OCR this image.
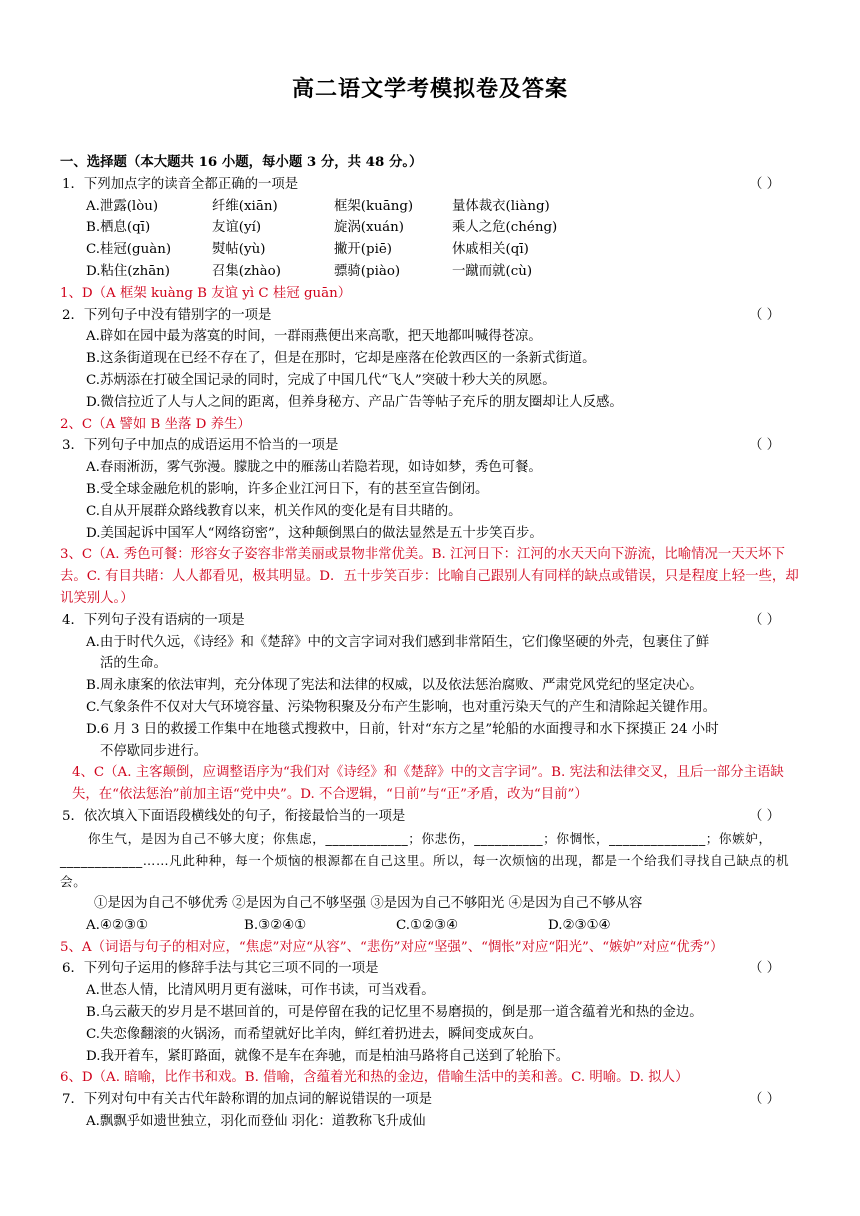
高二语文学考模拟卷及答案
一、选择题（本大题共 16 小题，每小题 3 分，共 48 分。）
1．下列加点字的读音全都正确的一项是	（ ）
A.泄露(lòu)	纤维(xiān)	框架(kuāng)	量体裁衣(liàng)
B.栖息(qī)	友谊(yí)	旋涡(xuán)	乘人之危(chéng)
C.桂冠(guàn)	熨帖(yù)	撇开(piē)	休戚相关(qī)
D.粘住(zhān)	召集(zhào)	骠骑(piào)	一蹴而就(cù)
1、D（A 框架 kuàng B 友谊 yì C 桂冠 guān）
2．下列句子中没有错别字的一项是	（ ）
A.辟如在园中最为落寞的时间，一群雨燕便出来高歌，把天地都叫喊得苍凉。
B.这条街道现在已经不存在了，但是在那时，它却是座落在伦敦西区的一条新式街道。
C.苏炳添在打破全国记录的同时，完成了中国几代“飞人”突破十秒大关的夙愿。
D.微信拉近了人与人之间的距离，但养身秘方、产品广告等帖子充斥的朋友圈却让人反感。
2、C（A 譬如 B 坐落 D 养生）
3．下列句子中加点的成语运用不恰当的一项是	（ ）
A.春雨淅沥，雾气弥漫。朦胧之中的雁荡山若隐若现，如诗如梦，秀色可餐。
B.受全球金融危机的影响，许多企业江河日下，有的甚至宣告倒闭。
C.自从开展群众路线教育以来，机关作风的变化是有目共睹的。
D.美国起诉中国军人“网络窃密”，这种颠倒黑白的做法显然是五十步笑百步。
3、C（A. 秀色可餐：形容女子姿容非常美丽或景物非常优美。B. 江河日下：江河的水天天向下游流，比喻情况一天天坏下去。C. 有目共睹：人人都看见，极其明显。D．五十步笑百步：比喻自己跟别人有同样的缺点或错误，只是程度上轻一些，却讥笑别人。）
4．下列句子没有语病的一项是	（ ）
A.由于时代久远，《诗经》和《楚辞》中的文言字词对我们感到非常陌生，它们像坚硬的外壳，包裹住了鲜
活的生命。
B.周永康案的依法审判，充分体现了宪法和法律的权威，以及依法惩治腐败、严肃党风党纪的坚定决心。
C.气象条件不仅对大气环境容量、污染物积聚及分布产生影响，也对重污染天气的产生和清除起关键作用。
D.6 月 3 日的救援工作集中在地毯式搜救中，日前，针对“东方之星”轮船的水面搜寻和水下探摸正 24 小时
不停歇同步进行。
4、C（A. 主客颠倒，应调整语序为“我们对《诗经》和《楚辞》中的文言字词”。B. 宪法和法律交叉，且后一部分主语缺失，在“依法惩治”前加主语“党中央”。D. 不合逻辑，“日前”与“正”矛盾，改为“目前”）
5．依次填入下面语段横线处的句子，衔接最恰当的一项是	（ ）
你生气，是因为自己不够大度；你焦虑，____________；你悲伤，__________；你惆怅，______________；你嫉妒，____________……凡此种种，每一个烦恼的根源都在自己这里。所以，每一次烦恼的出现，都是一个给我们寻找自己缺点的机会。
①是因为自己不够优秀 ②是因为自己不够坚强 ③是因为自己不够阳光 ④是因为自己不够从容
A.④②③①	B.③②④①	C.①②③④	D.②③①④
5、A（词语与句子的相对应，“焦虑”对应“从容”、“悲伤”对应“坚强”、“惆怅”对应“阳光”、“嫉妒”对应“优秀”）
6．下列句子运用的修辞手法与其它三项不同的一项是	（ ）
A.世态人情，比清风明月更有滋味，可作书读，可当戏看。
B.乌云蔽天的岁月是不堪回首的，可是停留在我的记忆里不易磨损的，倒是那一道含蕴着光和热的金边。
C.失恋像翻滚的火锅汤，而希望就好比羊肉，鲜红着扔进去，瞬间变成灰白。
D.我开着车，紧盯路面，就像不是车在奔驰，而是柏油马路将自己送到了轮胎下。
6、D（A. 暗喻，比作书和戏。B. 借喻，含蕴着光和热的金边，借喻生活中的美和善。C. 明喻。D. 拟人）
7．下列对句中有关古代年龄称谓的加点词的解说错误的一项是	（ ）
A.飘飘乎如遗世独立，羽化而登仙 羽化：道教称飞升成仙
